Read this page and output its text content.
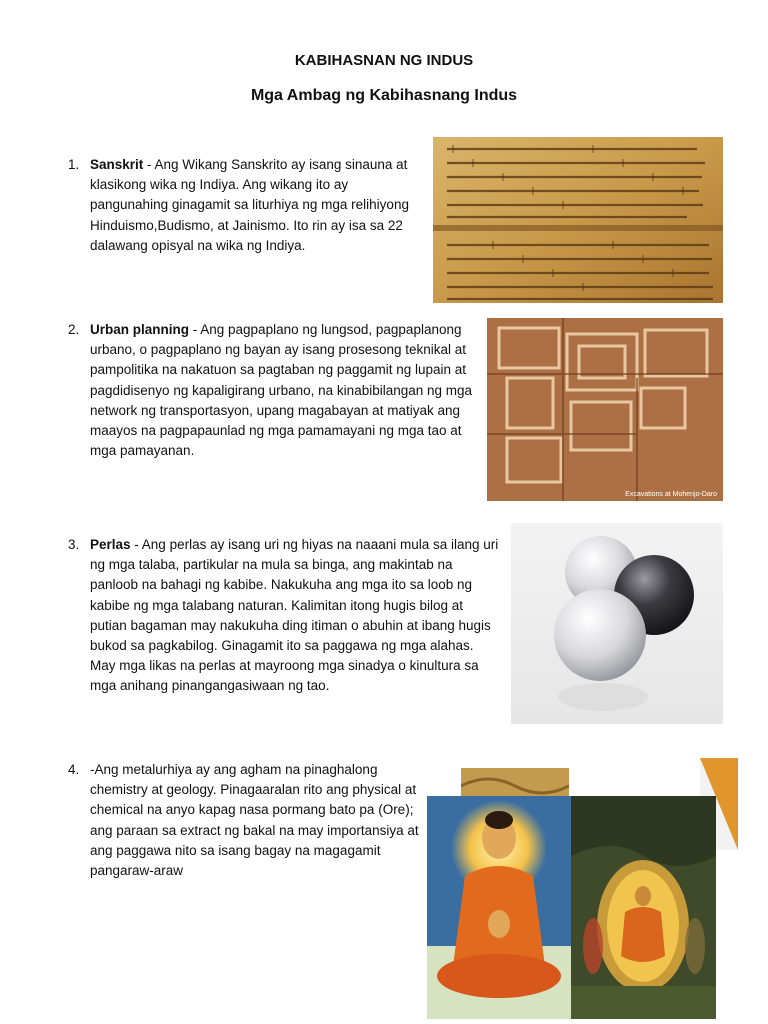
KABIHASNAN NG INDUS
Mga Ambag ng Kabihasnang Indus
1. Sanskrit - Ang Wikang Sanskrito ay isang sinauna at klasikong wika ng Indiya. Ang wikang ito ay pangunahing ginagamit sa liturhiya ng mga relihiyong Hinduismo,Budismo, at Jainismo. Ito rin ay isa sa 22 dalawang opisyal na wika ng Indiya.
2. Urban planning - Ang pagpaplano ng lungsod, pagpaplanong urbano, o pagpaplano ng bayan ay isang prosesong teknikal at pampolitika na nakatuon sa pagtaban ng paggamit ng lupain at pagdidisenyo ng kapaligirang urbano, na kinabibilangan ng mga network ng transportasyon, upang magabayan at matiyak ang maayos na pagpapaunlad ng mga pamamayani ng mga tao at mga pamayanan.
3. Perlas - Ang perlas ay isang uri ng hiyas na naaani mula sa ilang uri ng mga talaba, partikular na mula sa binga, ang makintab na panloob na bahagi ng kabibe. Nakukuha ang mga ito sa loob ng kabibe ng mga talabang naturan. Kalimitan itong hugis bilog at putian bagaman may nakukuha ding itiman o abuhin at ibang hugis bukod sa pagkabilog. Ginagamit ito sa paggawa ng mga alahas. May mga likas na perlas at mayroong mga sinadya o kinultura sa mga anihang pinangangasiwaan ng tao.
4. -Ang metalurhiya ay ang agham na pinaghalong chemistry at geology. Pinagaaralan rito ang physical at chemical na anyo kapag nasa pormang bato pa (Ore); ang paraan sa extract ng bakal na may importansiya at ang paggawa nito sa isang bagay na magagamit pangaraw-araw
Excavations at Mohenjo-Daro
